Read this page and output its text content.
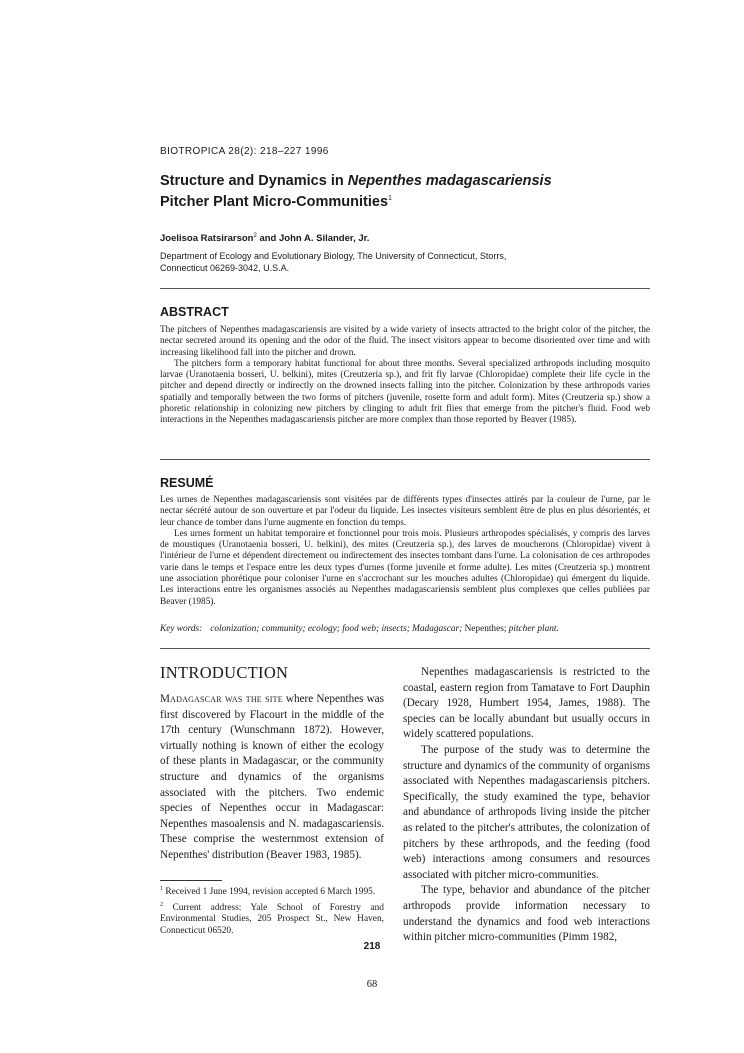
BIOTROPICA 28(2): 218–227 1996
Structure and Dynamics in Nepenthes madagascariensis
Pitcher Plant Micro-Communities$^1$
Joelisoa Ratsirarson$^2$ and John A. Silander, Jr.
Department of Ecology and Evolutionary Biology, The University of Connecticut, Storrs,
Connecticut 06269-3042, U.S.A.
ABSTRACT

The pitchers of Nepenthes madagascariensis are visited by a wide variety of insects attracted to the bright color of the pitcher, the nectar secreted around its opening and the odor of the fluid. The insect visitors appear to become disoriented over time and with increasing likelihood fall into the pitcher and drown.

The pitchers form a temporary habitat functional for about three months. Several specialized arthropods including mosquito larvae (Uranotaenia bosseri, U. belkini), mites (Creutzeria sp.), and frit fly larvae (Chloropidae) complete their life cycle in the pitcher and depend directly or indirectly on the drowned insects falling into the pitcher. Colonization by these arthropods varies spatially and temporally between the two forms of pitchers (juvenile, rosette form and adult form). Mites (Creutzeria sp.) show a phoretic relationship in colonizing new pitchers by clinging to adult frit flies that emerge from the pitcher's fluid. Food web interactions in the Nepenthes madagascariensis pitcher are more complex than those reported by Beaver (1985).

RESUMÉ

Les urnes de Nepenthes madagascariensis sont visitées par de différents types d'insectes attirés par la couleur de l'urne, par le nectar sécrété autour de son ouverture et par l'odeur du liquide. Les insectes visiteurs semblent être de plus en plus désorientés, et leur chance de tomber dans l'urne augmente en fonction du temps.

Les urnes forment un habitat temporaire et fonctionnel pour trois mois. Plusieurs arthropodes spécialisés, y compris des larves de moustiques (Uranotaenia bosseri, U. belkini), des mites (Creutzeria sp.), des larves de moucherons (Chloropidae) vivent à l'intérieur de l'urne et dépendent directement ou indirectement des insectes tombant dans l'urne. La colonisation de ces arthropodes varie dans le temps et l'espace entre les deux types d'urnes (forme juvenile et forme adulte). Les mites (Creutzeria sp.) montrent une association phorétique pour coloniser l'urne en s'accrochant sur les mouches adultes (Chloropidae) qui émergent du liquide. Les interactions entre les organismes associés au Nepenthes madagascariensis semblent plus complexes que celles publiées par Beaver (1985).

Key words: colonization; community; ecology; food web; insects; Madagascar; Nepenthes; pitcher plant.
INTRODUCTION

Madagascar was the site where Nepenthes was first discovered by Flacourt in the middle of the 17th century (Wunschmann 1872). However, virtually nothing is known of either the ecology of these plants in Madagascar, or the community structure and dynamics of the organisms associated with the pitchers. Two endemic species of Nepenthes occur in Madagascar: Nepenthes masoalensis and N. madagascariensis. These comprise the westernmost extension of Nepenthes' distribution (Beaver 1983, 1985).

Nepenthes madagascariensis is restricted to the coastal, eastern region from Tamatave to Fort Dauphin (Decary 1928, Humbert 1954, James, 1988). The species can be locally abundant but usually occurs in widely scattered populations.

The purpose of the study was to determine the structure and dynamics of the community of organisms associated with Nepenthes madagascariensis pitchers. Specifically, the study examined the type, behavior and abundance of arthropods living inside the pitcher as related to the pitcher's attributes, the colonization of pitchers by these arthropods, and the feeding (food web) interactions among consumers and resources associated with pitcher micro-communities.

The type, behavior and abundance of the pitcher arthropods provide information necessary to understand the dynamics and food web interactions within pitcher micro-communities (Pimm 1982,

$^1$ Received 1 June 1994, revision accepted 6 March 1995.

$^2$ Current address: Yale School of Forestry and Environmental Studies, 205 Prospect St., New Haven, Connecticut 06520.

218
68
